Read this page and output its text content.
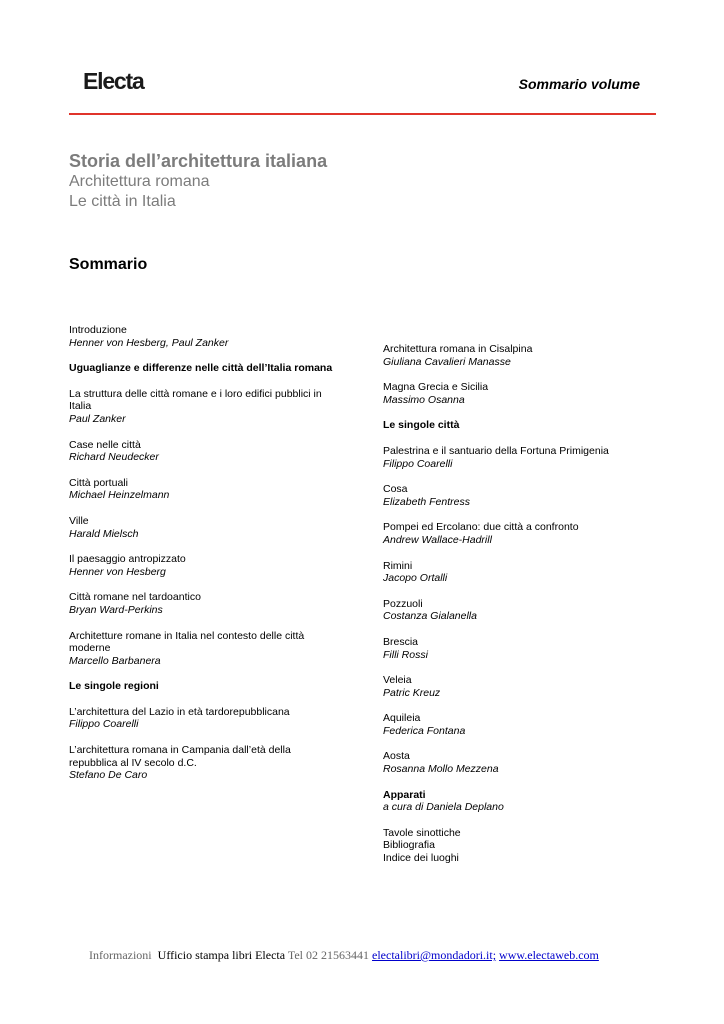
Electa	Sommario volume
Storia dell’architettura italiana
Architettura romana
Le città in Italia
Sommario
Introduzione
Henner von Hesberg, Paul Zanker
Uguaglianze e differenze nelle città dell’Italia romana
La struttura delle città romane e i loro edifici pubblici in Italia
Paul Zanker
Case nelle città
Richard Neudecker
Città portuali
Michael Heinzelmann
Ville
Harald Mielsch
Il paesaggio antropizzato
Henner von Hesberg
Città romane nel tardoantico
Bryan Ward-Perkins
Architetture romane in Italia nel contesto delle città moderne
Marcello Barbanera
Le singole regioni
L’architettura del Lazio in età tardorepubblicana
Filippo Coarelli
L’architettura romana in Campania dall’età della repubblica al IV secolo d.C.
Stefano De Caro
Architettura romana in Cisalpina
Giuliana Cavalieri Manasse
Magna Grecia e Sicilia
Massimo Osanna
Le singole città
Palestrina e il santuario della Fortuna Primigenia
Filippo Coarelli
Cosa
Elizabeth Fentress
Pompei ed Ercolano: due città a confronto
Andrew Wallace-Hadrill
Rimini
Jacopo Ortalli
Pozzuoli
Costanza Gialanella
Brescia
Filli Rossi
Veleia
Patric Kreuz
Aquileia
Federica Fontana
Aosta
Rosanna Mollo Mezzena
Apparati
a cura di Daniela Deplano
Tavole sinottiche
Bibliografia
Indice dei luoghi
Informazioni Ufficio stampa libri Electa Tel 02 21563441 electalibri@mondadori.it; www.electaweb.com
